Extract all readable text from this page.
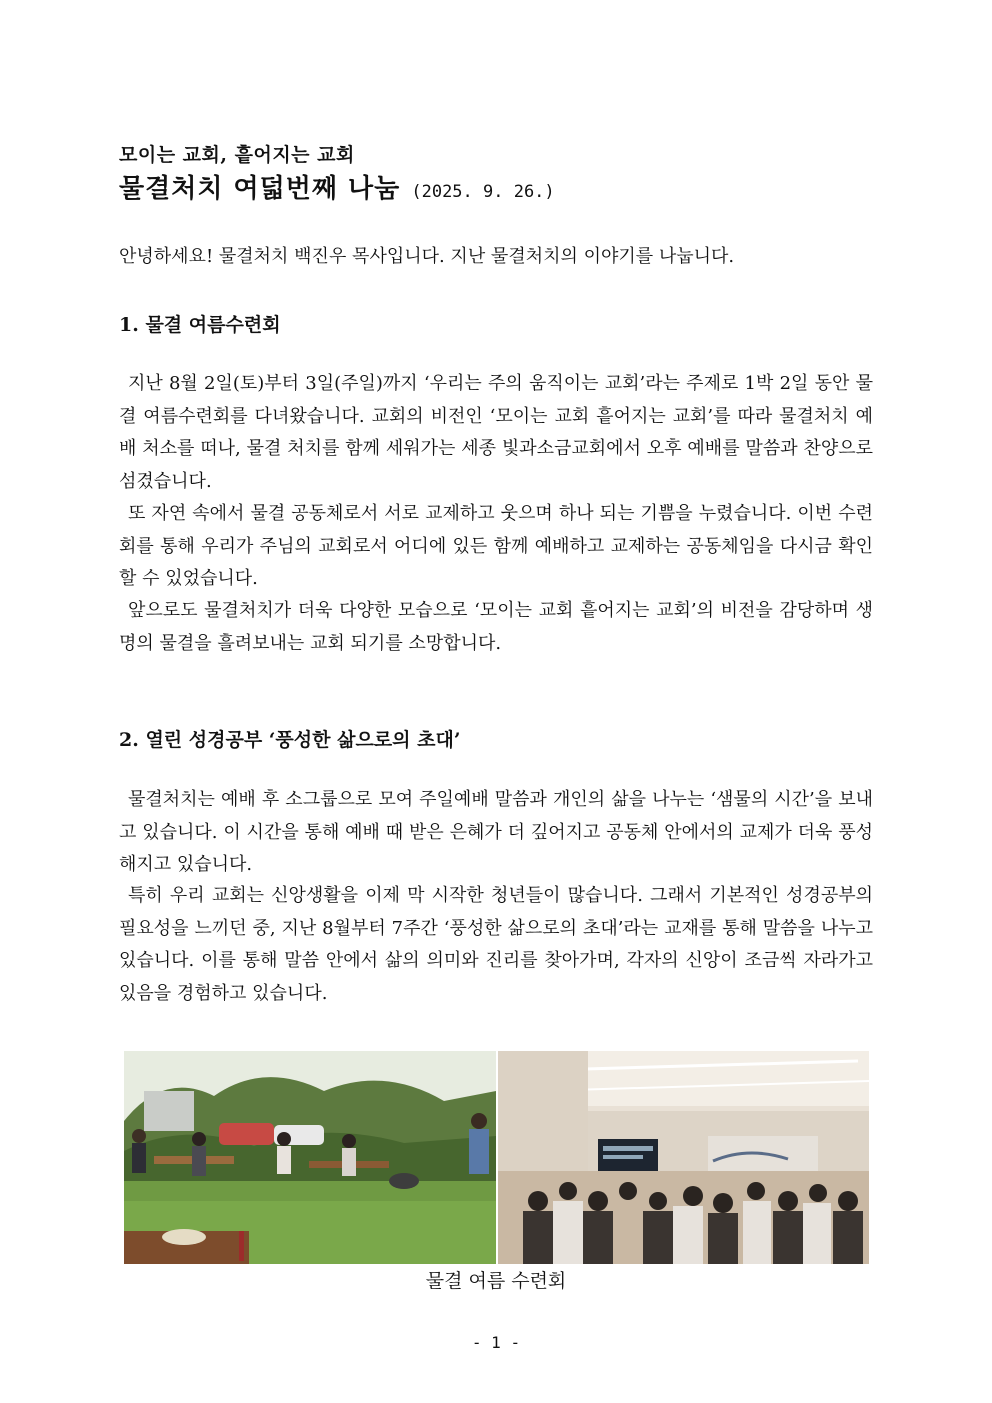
모이는 교회, 흩어지는 교회
물결처치 여덟번째 나눔 (2025. 9. 26.)
안녕하세요! 물결처치 백진우 목사입니다. 지난 물결처치의 이야기를 나눕니다.
1. 물결 여름수련회

지난 8월 2일(토)부터 3일(주일)까지 ‘우리는 주의 움직이는 교회’라는 주제로 1박 2일 동안 물결 여름수련회를 다녀왔습니다. 교회의 비전인 ‘모이는 교회 흩어지는 교회’를 따라 물결처치 예배 처소를 떠나, 물결 처치를 함께 세워가는 세종 빛과소금교회에서 오후 예배를 말씀과 찬양으로 섬겼습니다.

또 자연 속에서 물결 공동체로서 서로 교제하고 웃으며 하나 되는 기쁨을 누렸습니다. 이번 수련회를 통해 우리가 주님의 교회로서 어디에 있든 함께 예배하고 교제하는 공동체임을 다시금 확인할 수 있었습니다.

앞으로도 물결처치가 더욱 다양한 모습으로 ‘모이는 교회 흩어지는 교회’의 비전을 감당하며 생명의 물결을 흘려보내는 교회 되기를 소망합니다.

2. 열린 성경공부 ‘풍성한 삶으로의 초대’

물결처치는 예배 후 소그룹으로 모여 주일예배 말씀과 개인의 삶을 나누는 ‘샘물의 시간’을 보내고 있습니다. 이 시간을 통해 예배 때 받은 은혜가 더 깊어지고 공동체 안에서의 교제가 더욱 풍성해지고 있습니다.

특히 우리 교회는 신앙생활을 이제 막 시작한 청년들이 많습니다. 그래서 기본적인 성경공부의 필요성을 느끼던 중, 지난 8월부터 7주간 ‘풍성한 삶으로의 초대’라는 교재를 통해 말씀을 나누고 있습니다. 이를 통해 말씀 안에서 삶의 의미와 진리를 찾아가며, 각자의 신앙이 조금씩 자라가고 있음을 경험하고 있습니다.

물결 여름 수련회
- 1 -
